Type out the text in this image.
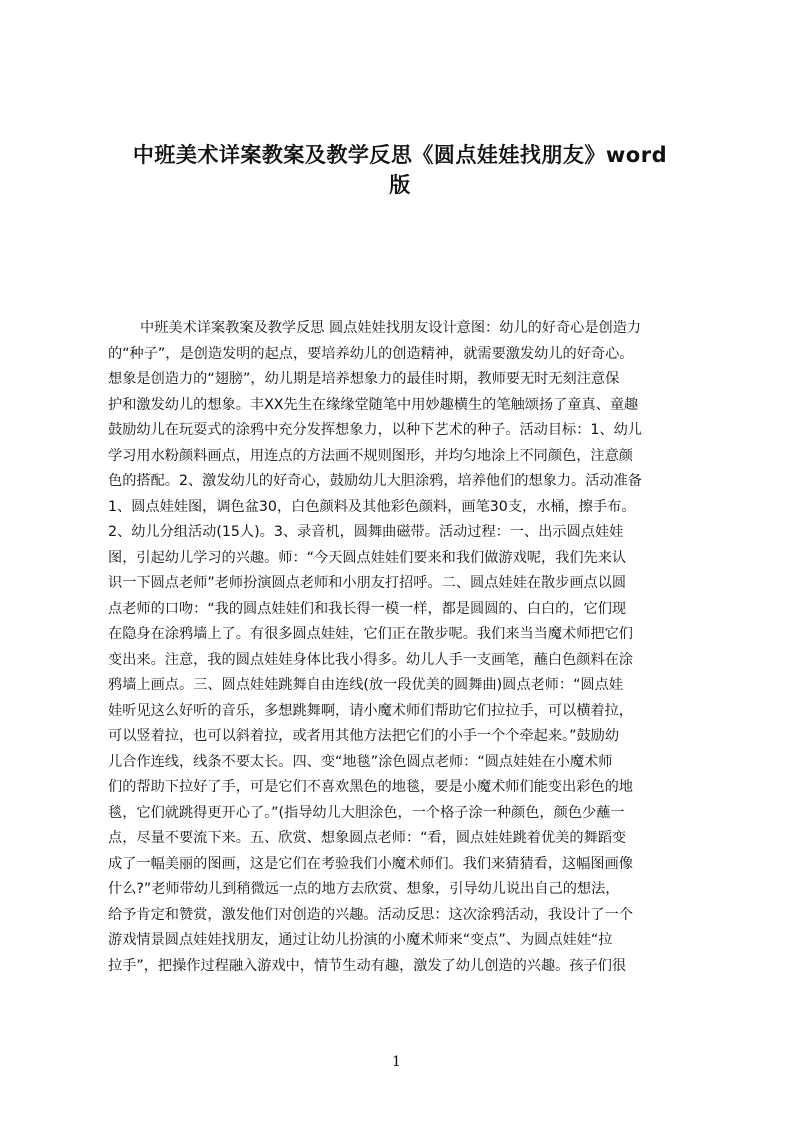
中班美术详案教案及教学反思《圆点娃娃找朋友》word
版
中班美术详案教案及教学反思 圆点娃娃找朋友设计意图：幼儿的好奇心是创造力
的“种子”，是创造发明的起点，要培养幼儿的创造精神，就需要激发幼儿的好奇心。
想象是创造力的“翅膀”，幼儿期是培养想象力的最佳时期，教师要无时无刻注意保
护和激发幼儿的想象。丰XX先生在缘缘堂随笔中用妙趣横生的笔触颂扬了童真、童趣
鼓励幼儿在玩耍式的涂鸦中充分发挥想象力，以种下艺术的种子。活动目标：1、幼儿
学习用水粉颜料画点，用连点的方法画不规则图形，并均匀地涂上不同颜色，注意颜
色的搭配。2、激发幼儿的好奇心，鼓励幼儿大胆涂鸦，培养他们的想象力。活动准备
1、圆点娃娃图，调色盆30，白色颜料及其他彩色颜料，画笔30支，水桶，擦手布。
2、幼儿分组活动(15人)。3、录音机，圆舞曲磁带。活动过程：一、出示圆点娃娃
图，引起幼儿学习的兴趣。师：“今天圆点娃娃们要来和我们做游戏呢，我们先来认
识一下圆点老师”老师扮演圆点老师和小朋友打招呼。二、圆点娃娃在散步画点以圆
点老师的口吻：“我的圆点娃娃们和我长得一模一样，都是圆圆的、白白的，它们现
在隐身在涂鸦墙上了。有很多圆点娃娃，它们正在散步呢。我们来当当魔术师把它们
变出来。注意，我的圆点娃娃身体比我小得多。幼儿人手一支画笔，蘸白色颜料在涂
鸦墙上画点。三、圆点娃娃跳舞自由连线(放一段优美的圆舞曲)圆点老师：“圆点娃
娃听见这么好听的音乐，多想跳舞啊，请小魔术师们帮助它们拉拉手，可以横着拉，
可以竖着拉，也可以斜着拉，或者用其他方法把它们的小手一个个牵起来。”鼓励幼
儿合作连线，线条不要太长。四、变“地毯”涂色圆点老师：“圆点娃娃在小魔术师
们的帮助下拉好了手，可是它们不喜欢黑色的地毯，要是小魔术师们能变出彩色的地
毯，它们就跳得更开心了。”(指导幼儿大胆涂色，一个格子涂一种颜色，颜色少蘸一
点，尽量不要流下来。五、欣赏、想象圆点老师：“看，圆点娃娃跳着优美的舞蹈变
成了一幅美丽的图画，这是它们在考验我们小魔术师们。我们来猜猜看，这幅图画像
什么?”老师带幼儿到稍微远一点的地方去欣赏、想象，引导幼儿说出自己的想法，
给予肯定和赞赏，激发他们对创造的兴趣。活动反思：这次涂鸦活动，我设计了一个
游戏情景圆点娃娃找朋友，通过让幼儿扮演的小魔术师来“变点”、为圆点娃娃“拉
拉手”，把操作过程融入游戏中，情节生动有趣，激发了幼儿创造的兴趣。孩子们很
1
